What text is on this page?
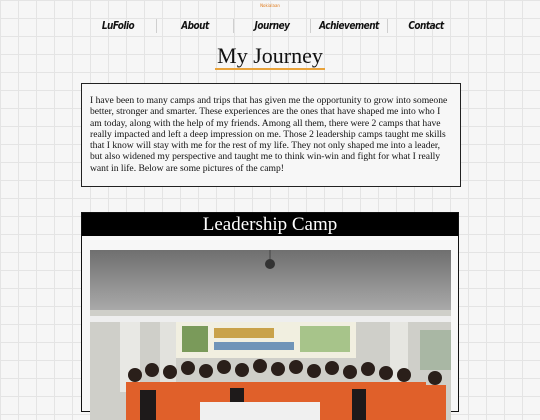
Nokialaan
LuFolio	About	Journey	Achievement	Contact
My Journey
I have been to many camps and trips that has given me the opportunity to grow into someone better, stronger and smarter. These experiences are the ones that have shaped me into who I am today, along with the help of my friends. Among all them, there were 2 camps that have really impacted and left a deep impression on me. Those 2 leadership camps taught me skills that I know will stay with me for the rest of my life. They not only shaped me into a leader, but also widened my perspective and taught me to think win-win and fight for what I really want in life. Below are some pictures of the camp!
Leadership Camp
